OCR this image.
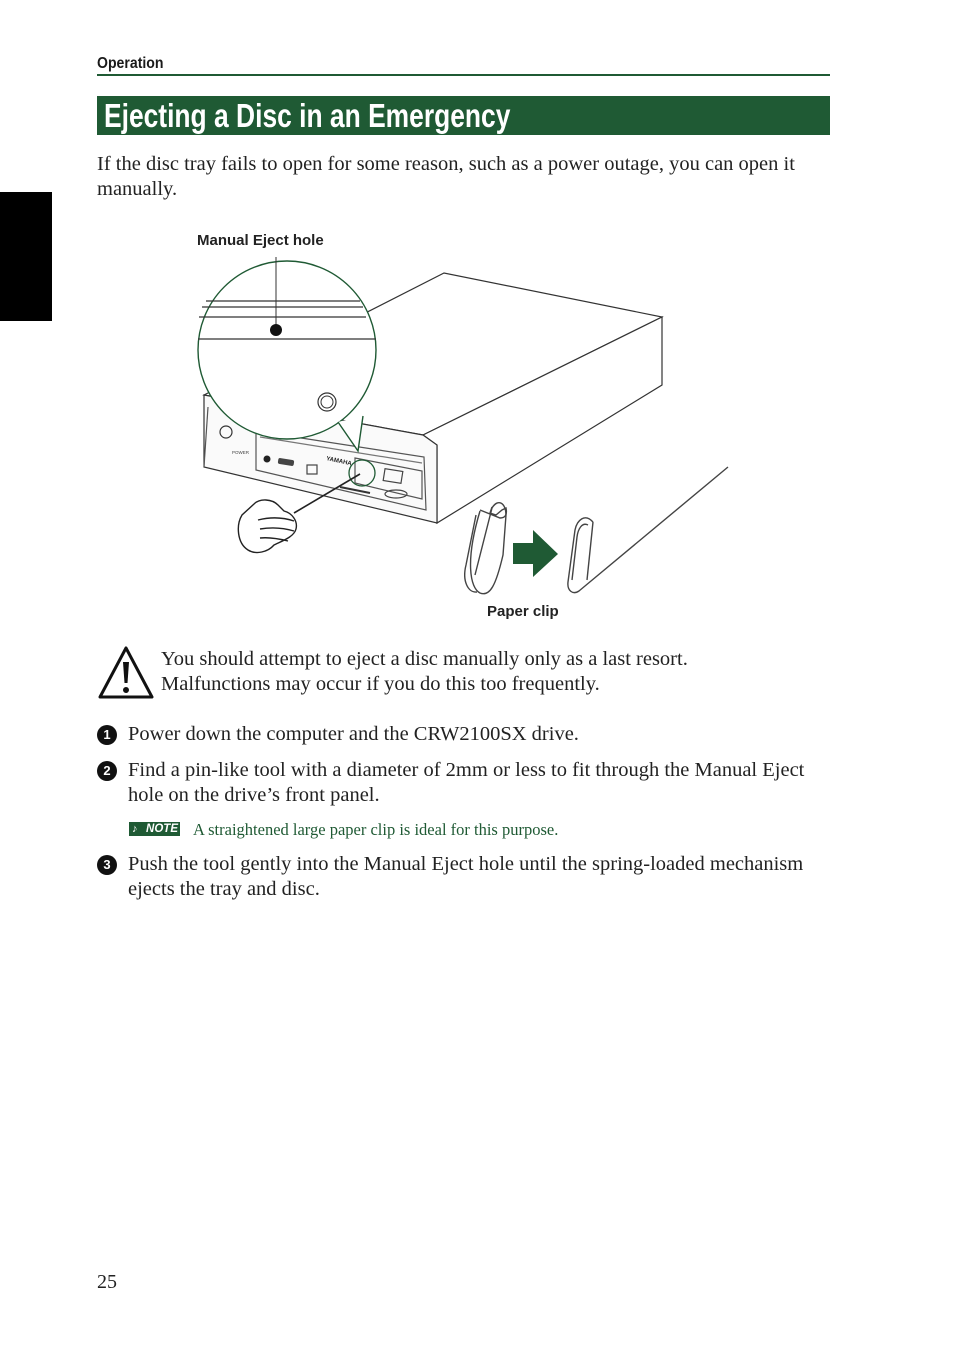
Operation
Ejecting a Disc in an Emergency
If the disc tray fails to open for some reason, such as a power outage, you can open it manually.
YAMAHA
POWER
Manual Eject hole
Paper clip
You should attempt to eject a disc manually only as a last resort. Malfunctions may occur if you do this too frequently.
1 Power down the computer and the CRW2100SX drive.
2 Find a pin-like tool with a diameter of 2mm or less to fit through the Manual Eject hole on the drive’s front panel.
♪ NOTE A straightened large paper clip is ideal for this purpose.
3 Push the tool gently into the Manual Eject hole until the spring-loaded mechanism ejects the tray and disc.
25
